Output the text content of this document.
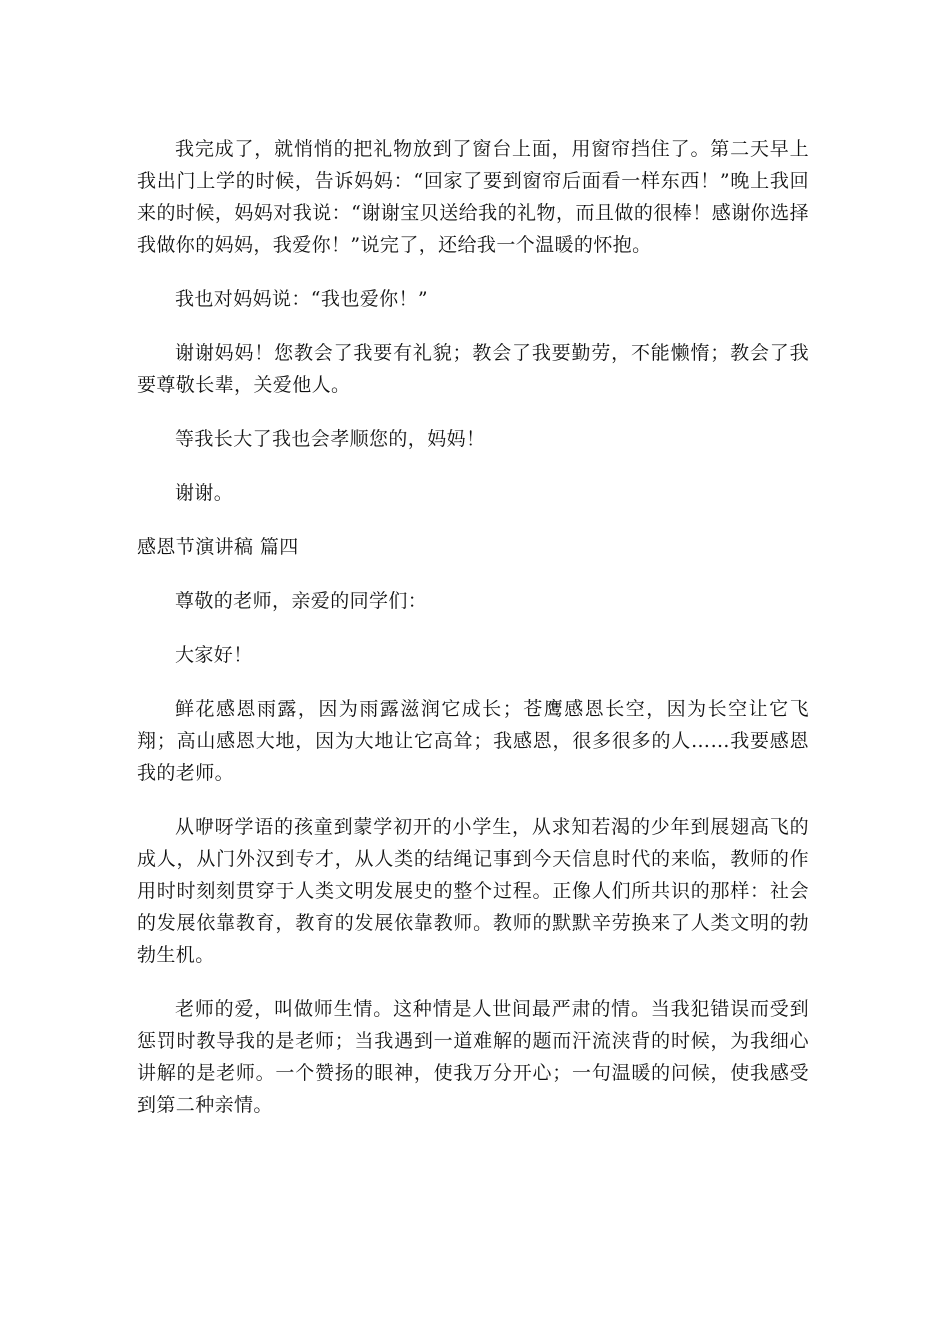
我完成了，就悄悄的把礼物放到了窗台上面，用窗帘挡住了。第二天早上我出门上学的时候，告诉妈妈：“回家了要到窗帘后面看一样东西！”晚上我回来的时候，妈妈对我说：“谢谢宝贝送给我的礼物，而且做的很棒！感谢你选择我做你的妈妈，我爱你！”说完了，还给我一个温暖的怀抱。

我也对妈妈说：“我也爱你！”

谢谢妈妈！您教会了我要有礼貌；教会了我要勤劳，不能懒惰；教会了我要尊敬长辈，关爱他人。

等我长大了我也会孝顺您的，妈妈！

谢谢。

感恩节演讲稿 篇四

尊敬的老师，亲爱的同学们：

大家好！

鲜花感恩雨露，因为雨露滋润它成长；苍鹰感恩长空，因为长空让它飞翔；高山感恩大地，因为大地让它高耸；我感恩，很多很多的人……我要感恩我的老师。

从咿呀学语的孩童到蒙学初开的小学生，从求知若渴的少年到展翅高飞的成人，从门外汉到专才，从人类的结绳记事到今天信息时代的来临，教师的作用时时刻刻贯穿于人类文明发展史的整个过程。正像人们所共识的那样：社会的发展依靠教育，教育的发展依靠教师。教师的默默辛劳换来了人类文明的勃勃生机。

老师的爱，叫做师生情。这种情是人世间最严肃的情。当我犯错误而受到惩罚时教导我的是老师；当我遇到一道难解的题而汗流浃背的时候，为我细心讲解的是老师。一个赞扬的眼神，使我万分开心；一句温暖的问候，使我感受到第二种亲情。
